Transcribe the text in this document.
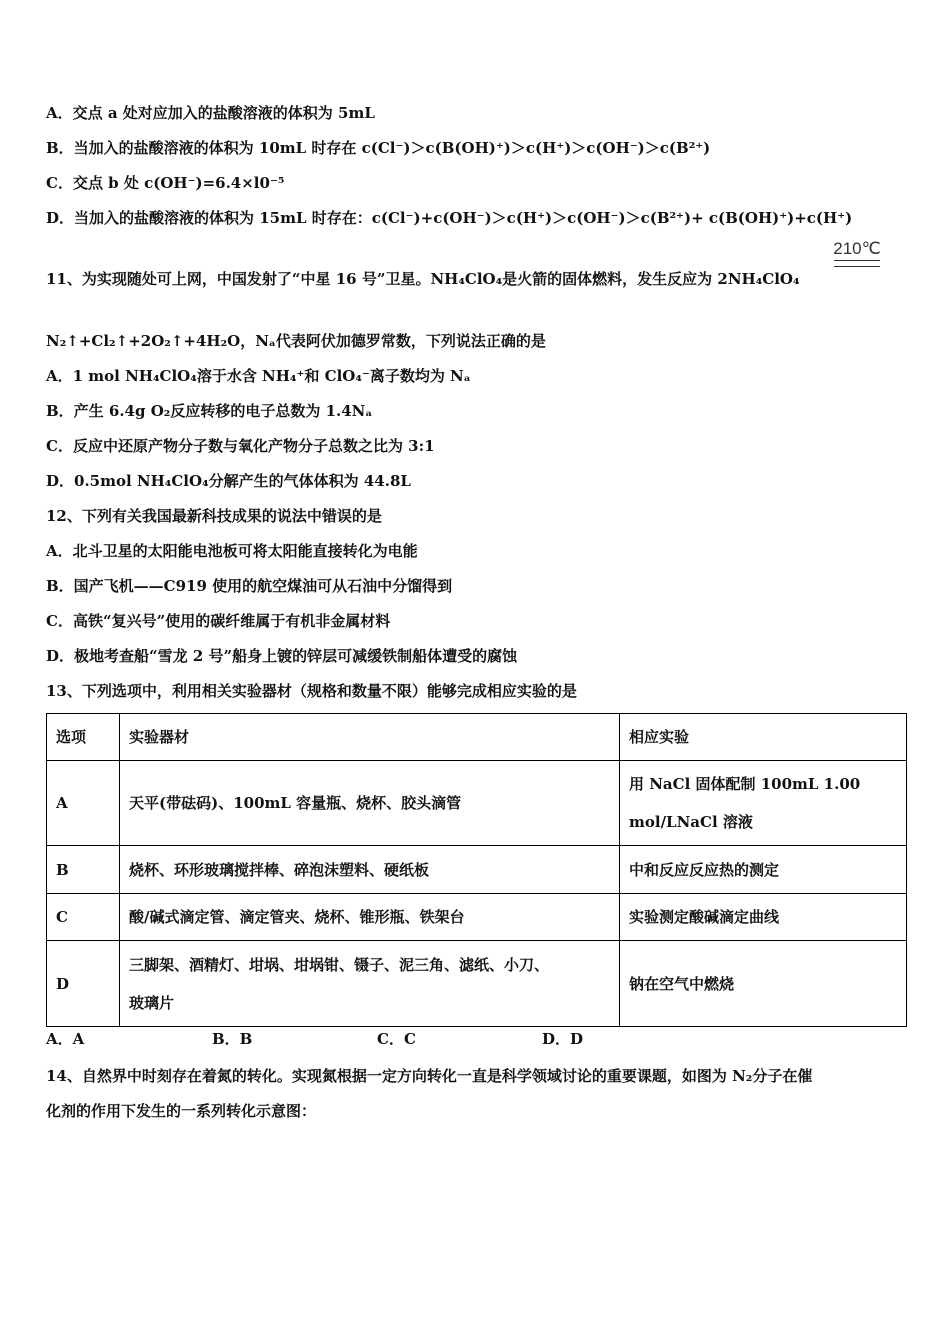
A．交点 a 处对应加入的盐酸溶液的体积为 5mL
B．当加入的盐酸溶液的体积为 10mL 时存在 c(Cl⁻)＞c(B(OH)⁺)＞c(H⁺)＞c(OH⁻)＞c(B²⁺)
C．交点 b 处 c(OH⁻)=6.4×l0⁻⁵
D．当加入的盐酸溶液的体积为 15mL 时存在：c(Cl⁻)+c(OH⁻)＞c(H⁺)＞c(OH⁻)＞c(B²⁺)+ c(B(OH)⁺)+c(H⁺)
210℃
11、为实现随处可上网，中国发射了“中星 16 号”卫星。NH₄ClO₄是火箭的固体燃料，发生反应为 2NH₄ClO₄
N₂↑+Cl₂↑+2O₂↑+4H₂O，Nₐ代表阿伏加德罗常数，下列说法正确的是
A．1 mol NH₄ClO₄溶于水含 NH₄⁺和 ClO₄⁻离子数均为 Nₐ
B．产生 6.4g O₂反应转移的电子总数为 1.4Nₐ
C．反应中还原产物分子数与氧化产物分子总数之比为 3:1
D．0.5mol NH₄ClO₄分解产生的气体体积为 44.8L
12、下列有关我国最新科技成果的说法中错误的是
A．北斗卫星的太阳能电池板可将太阳能直接转化为电能
B．国产飞机——C919 使用的航空煤油可从石油中分馏得到
C．高铁“复兴号”使用的碳纤维属于有机非金属材料
D．极地考查船“雪龙 2 号”船身上镀的锌层可减缓铁制船体遭受的腐蚀
13、下列选项中，利用相关实验器材（规格和数量不限）能够完成相应实验的是
选项	实验器材	相应实验
A	天平(带砝码)、100mL 容量瓶、烧杯、胶头滴管	用 NaCl 固体配制 100mL 1.00
mol/LNaCl 溶液

B	烧杯、环形玻璃搅拌棒、碎泡沫塑料、硬纸板	中和反应反应热的测定
C	酸/碱式滴定管、滴定管夹、烧杯、锥形瓶、铁架台	实验测定酸碱滴定曲线
D	三脚架、酒精灯、坩埚、坩埚钳、镊子、泥三角、滤纸、小刀、
玻璃片	钠在空气中燃烧
A．A	B．B	C．C	D．D
14、自然界中时刻存在着氮的转化。实现氮根据一定方向转化一直是科学领域讨论的重要课题，如图为 N₂分子在催
化剂的作用下发生的一系列转化示意图：
